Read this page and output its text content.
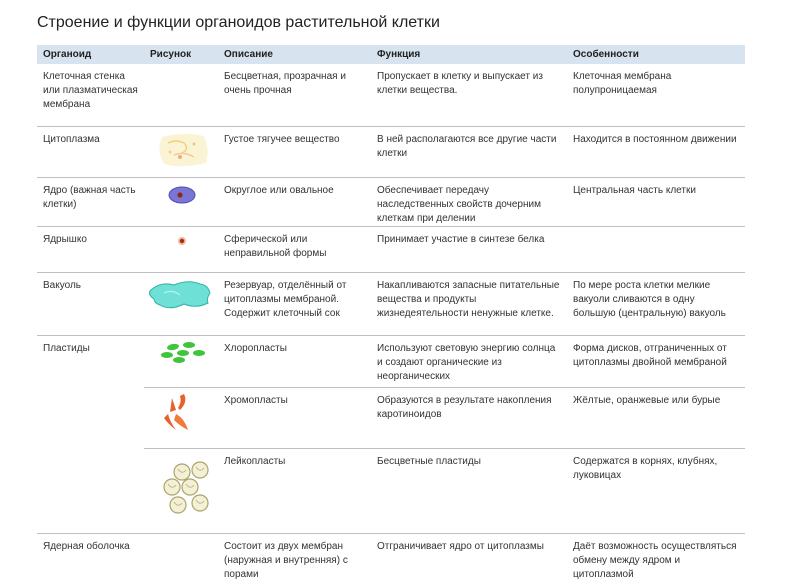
Строение и функции органоидов растительной клетки
Органоид	Рисунок	Описание	Функция	Особенности
Клеточная стенка или плазматическая мембрана		Бесцветная, прозрачная и очень прочная	Пропускает в клетку и выпускает из клетки вещества.	Клеточная мембрана полупроницаемая
Цитоплазма		Густое тягучее вещество	В ней располагаются все другие части клетки	Находится в постоянном движении
Ядро (важная часть клетки)		Округлое или овальное	Обеспечивает передачу наследственных свойств дочерним клеткам при делении	Центральная часть клетки
Ядрышко		Сферической или неправильной формы	Принимает участие в синтезе белка	
Вакуоль		Резервуар, отделённый от цитоплазмы мембраной. Содержит клеточный сок	Накапливаются запасные питательные вещества и продукты жизнедеятельности ненужные клетке.	По мере роста клетки мелкие вакуоли сливаются в одну большую (центральную) вакуоль
Пластиды		Хлоропласты	Используют световую энергию солнца и создают органические из неорганических	Форма дисков, отграниченных от цитоплазмы двойной мембраной

	Хромопласты	Образуются в результате накопления каротиноидов	Жёлтые, оранжевые или бурые

	Лейкопласты	Бесцветные пластиды	Содержатся в корнях, клубнях, луковицах
Ядерная оболочка		Состоит из двух мембран (наружная и внутренняя) с порами	Отграничивает ядро от цитоплазмы	Даёт возможность осуществляться обмену между ядром и цитоплазмой
